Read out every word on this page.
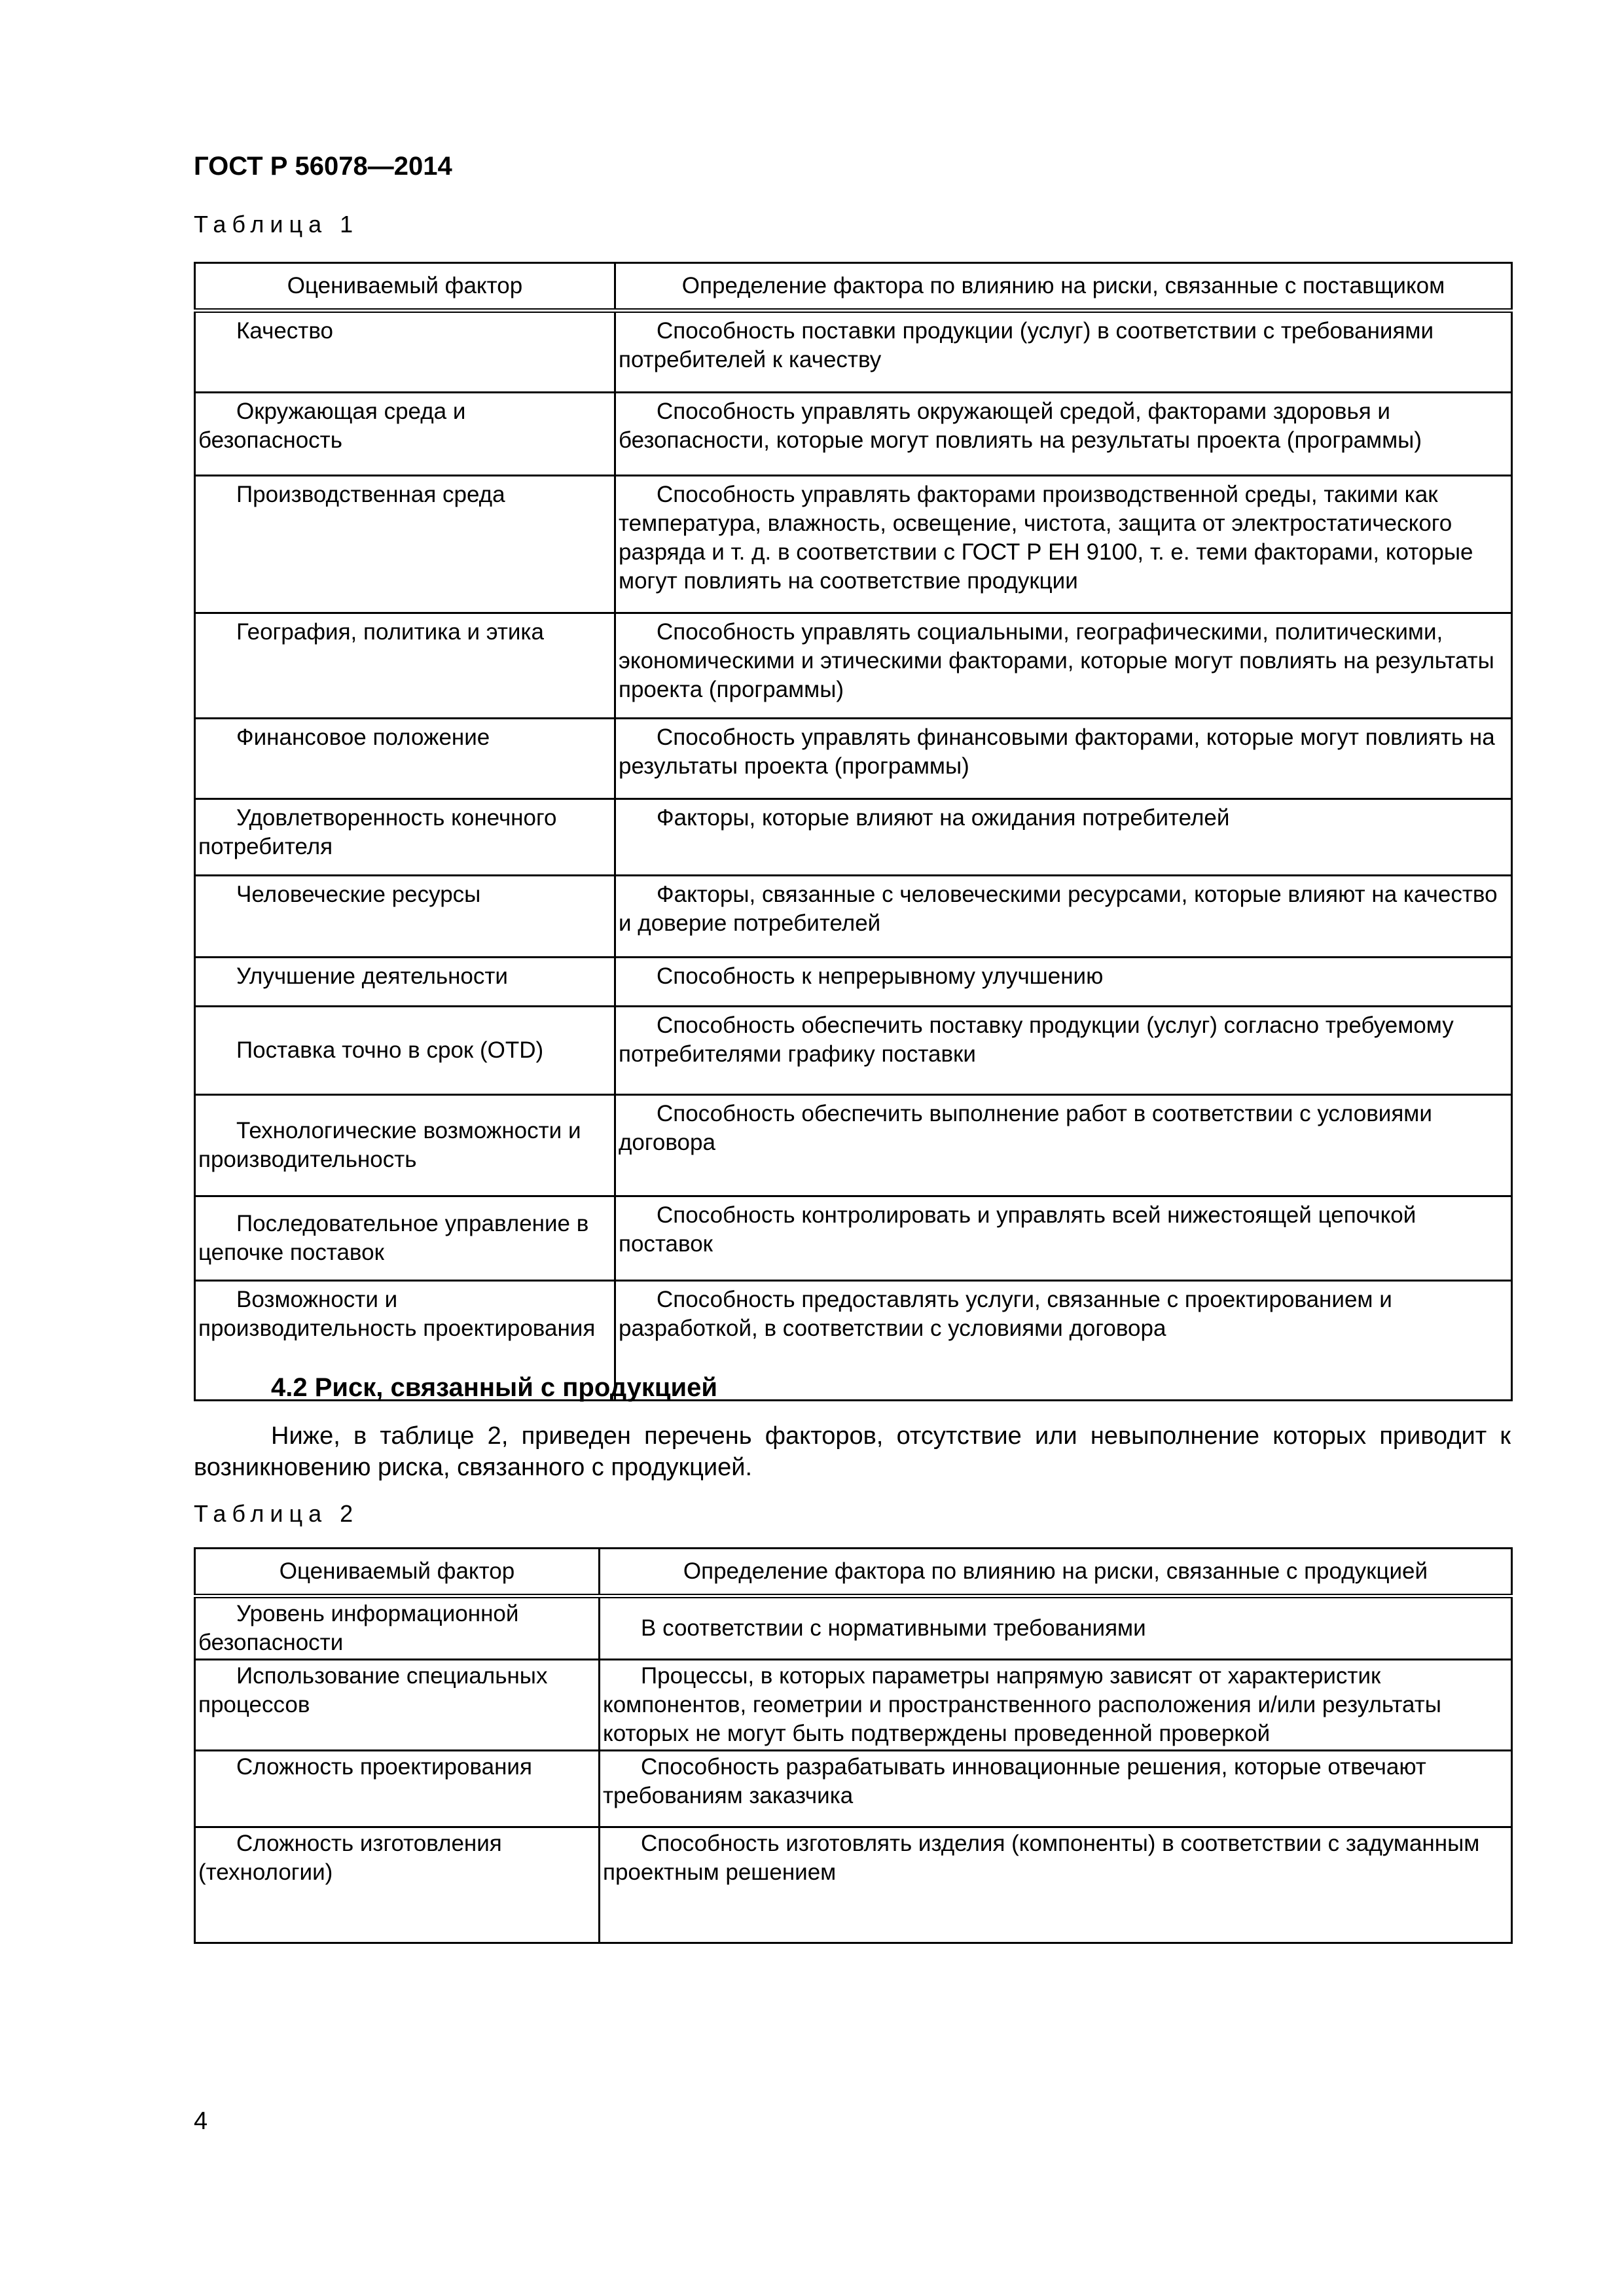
ГОСТ Р 56078—2014
Таблица 1
Оцениваемый фактор	Определение фактора по влиянию на риски, связанные с поставщиком
Качество	Способность поставки продукции (услуг) в соответствии с требованиями потребителей к качеству
Окружающая среда и безопасность	Способность управлять окружающей средой, факторами здоровья и безопасности, которые могут повлиять на результаты проекта (программы)
Производственная среда	Способность управлять факторами производственной среды, такими как температура, влажность, освещение, чистота, защита от электростатического разряда и т. д. в соответствии с ГОСТ Р ЕН 9100, т. е. теми факторами, которые могут повлиять на соответствие продукции
География, политика и этика	Способность управлять социальными, географическими, политическими, экономическими и этическими факторами, которые могут повлиять на результаты проекта (программы)
Финансовое положение	Способность управлять финансовыми факторами, которые могут повлиять на результаты проекта (программы)
Удовлетворенность конечного потребителя	Факторы, которые влияют на ожидания потребителей
Человеческие ресурсы	Факторы, связанные с человеческими ресурсами, которые влияют на качество и доверие потребителей
Улучшение деятельности	Способность к непрерывному улучшению
Поставка точно в срок (OTD)	Способность обеспечить поставку продукции (услуг) согласно требуемому потребителями графику поставки
Технологические возможности и производительность	Способность обеспечить выполнение работ в соответствии с условиями договора
Последовательное управление в цепочке поставок	Способность контролировать и управлять всей нижестоящей цепочкой поставок
Возможности и производительность проектирования	Способность предоставлять услуги, связанные с проектированием и разработкой, в соответствии с условиями договора
4.2 Риск, связанный с продукцией

Ниже, в таблице 2, приведен перечень факторов, отсутствие или невыполнение которых приводит к возникновению риска, связанного с продукцией.

Таблица 2
Оцениваемый фактор	Определение фактора по влиянию на риски, связанные с продукцией
Уровень информационной безопасности	В соответствии с нормативными требованиями
Использование специальных процессов	Процессы, в которых параметры напрямую зависят от характеристик компонентов, геометрии и пространственного расположения и/или результаты которых не могут быть подтверждены проведенной проверкой
Сложность проектирования	Способность разрабатывать инновационные решения, которые отвечают требованиям заказчика
Сложность изготовления (технологии)	Способность изготовлять изделия (компоненты) в соответствии с задуманным проектным решением
4
